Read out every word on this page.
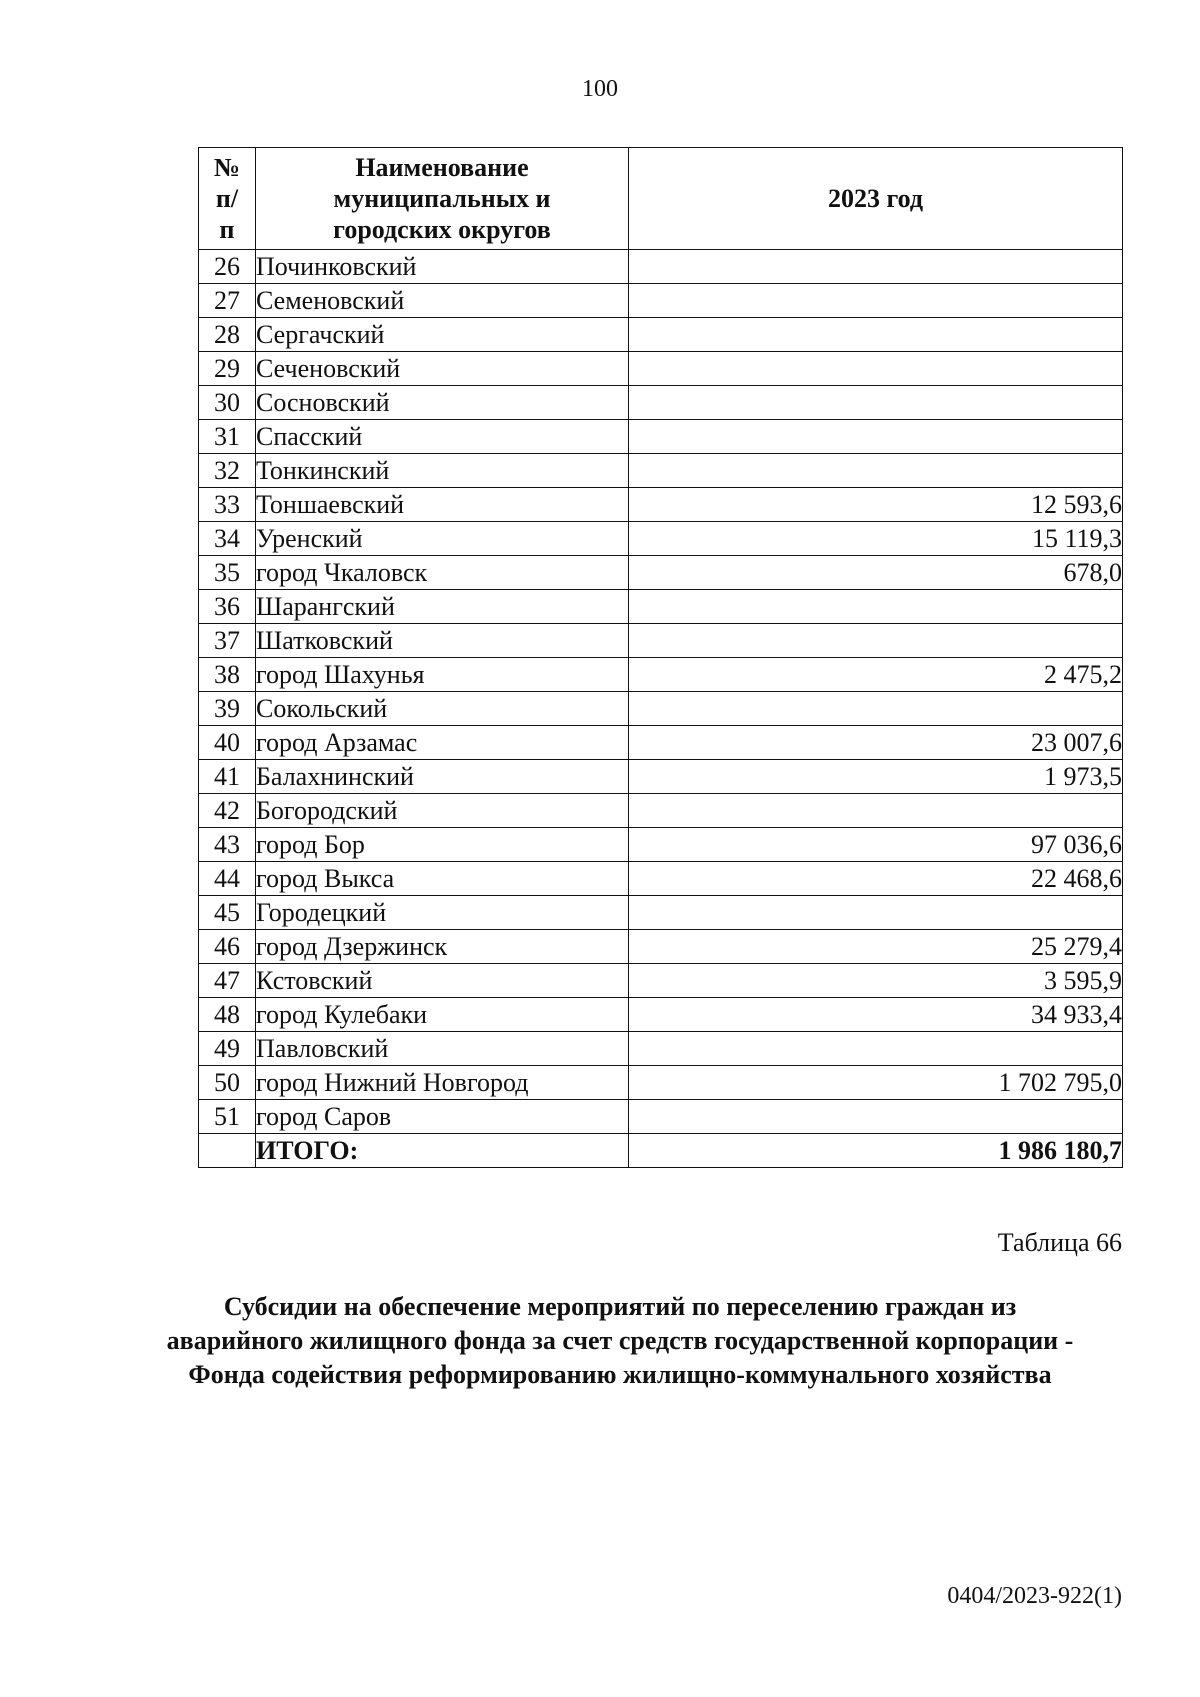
100
№ п/п	Наименование муниципальных и городских округов	2023 год
26	Починковский	
27	Семеновский	
28	Сергачский	
29	Сеченовский	
30	Сосновский	
31	Спасский	
32	Тонкинский	
33	Тоншаевский	12 593,6
34	Уренский	15 119,3
35	город Чкаловск	678,0
36	Шарангский	
37	Шатковский	
38	город Шахунья	2 475,2
39	Сокольский	
40	город Арзамас	23 007,6
41	Балахнинский	1 973,5
42	Богородский	
43	город Бор	97 036,6
44	город Выкса	22 468,6
45	Городецкий	
46	город Дзержинск	25 279,4
47	Кстовский	3 595,9
48	город Кулебаки	34 933,4
49	Павловский	
50	город Нижний Новгород	1 702 795,0
51	город Саров	
	ИТОГО:	1 986 180,7
Таблица 66
Субсидии на обеспечение мероприятий по переселению граждан из аварийного жилищного фонда за счет средств государственной корпорации - Фонда содействия реформированию жилищно-коммунального хозяйства
0404/2023-922(1)
